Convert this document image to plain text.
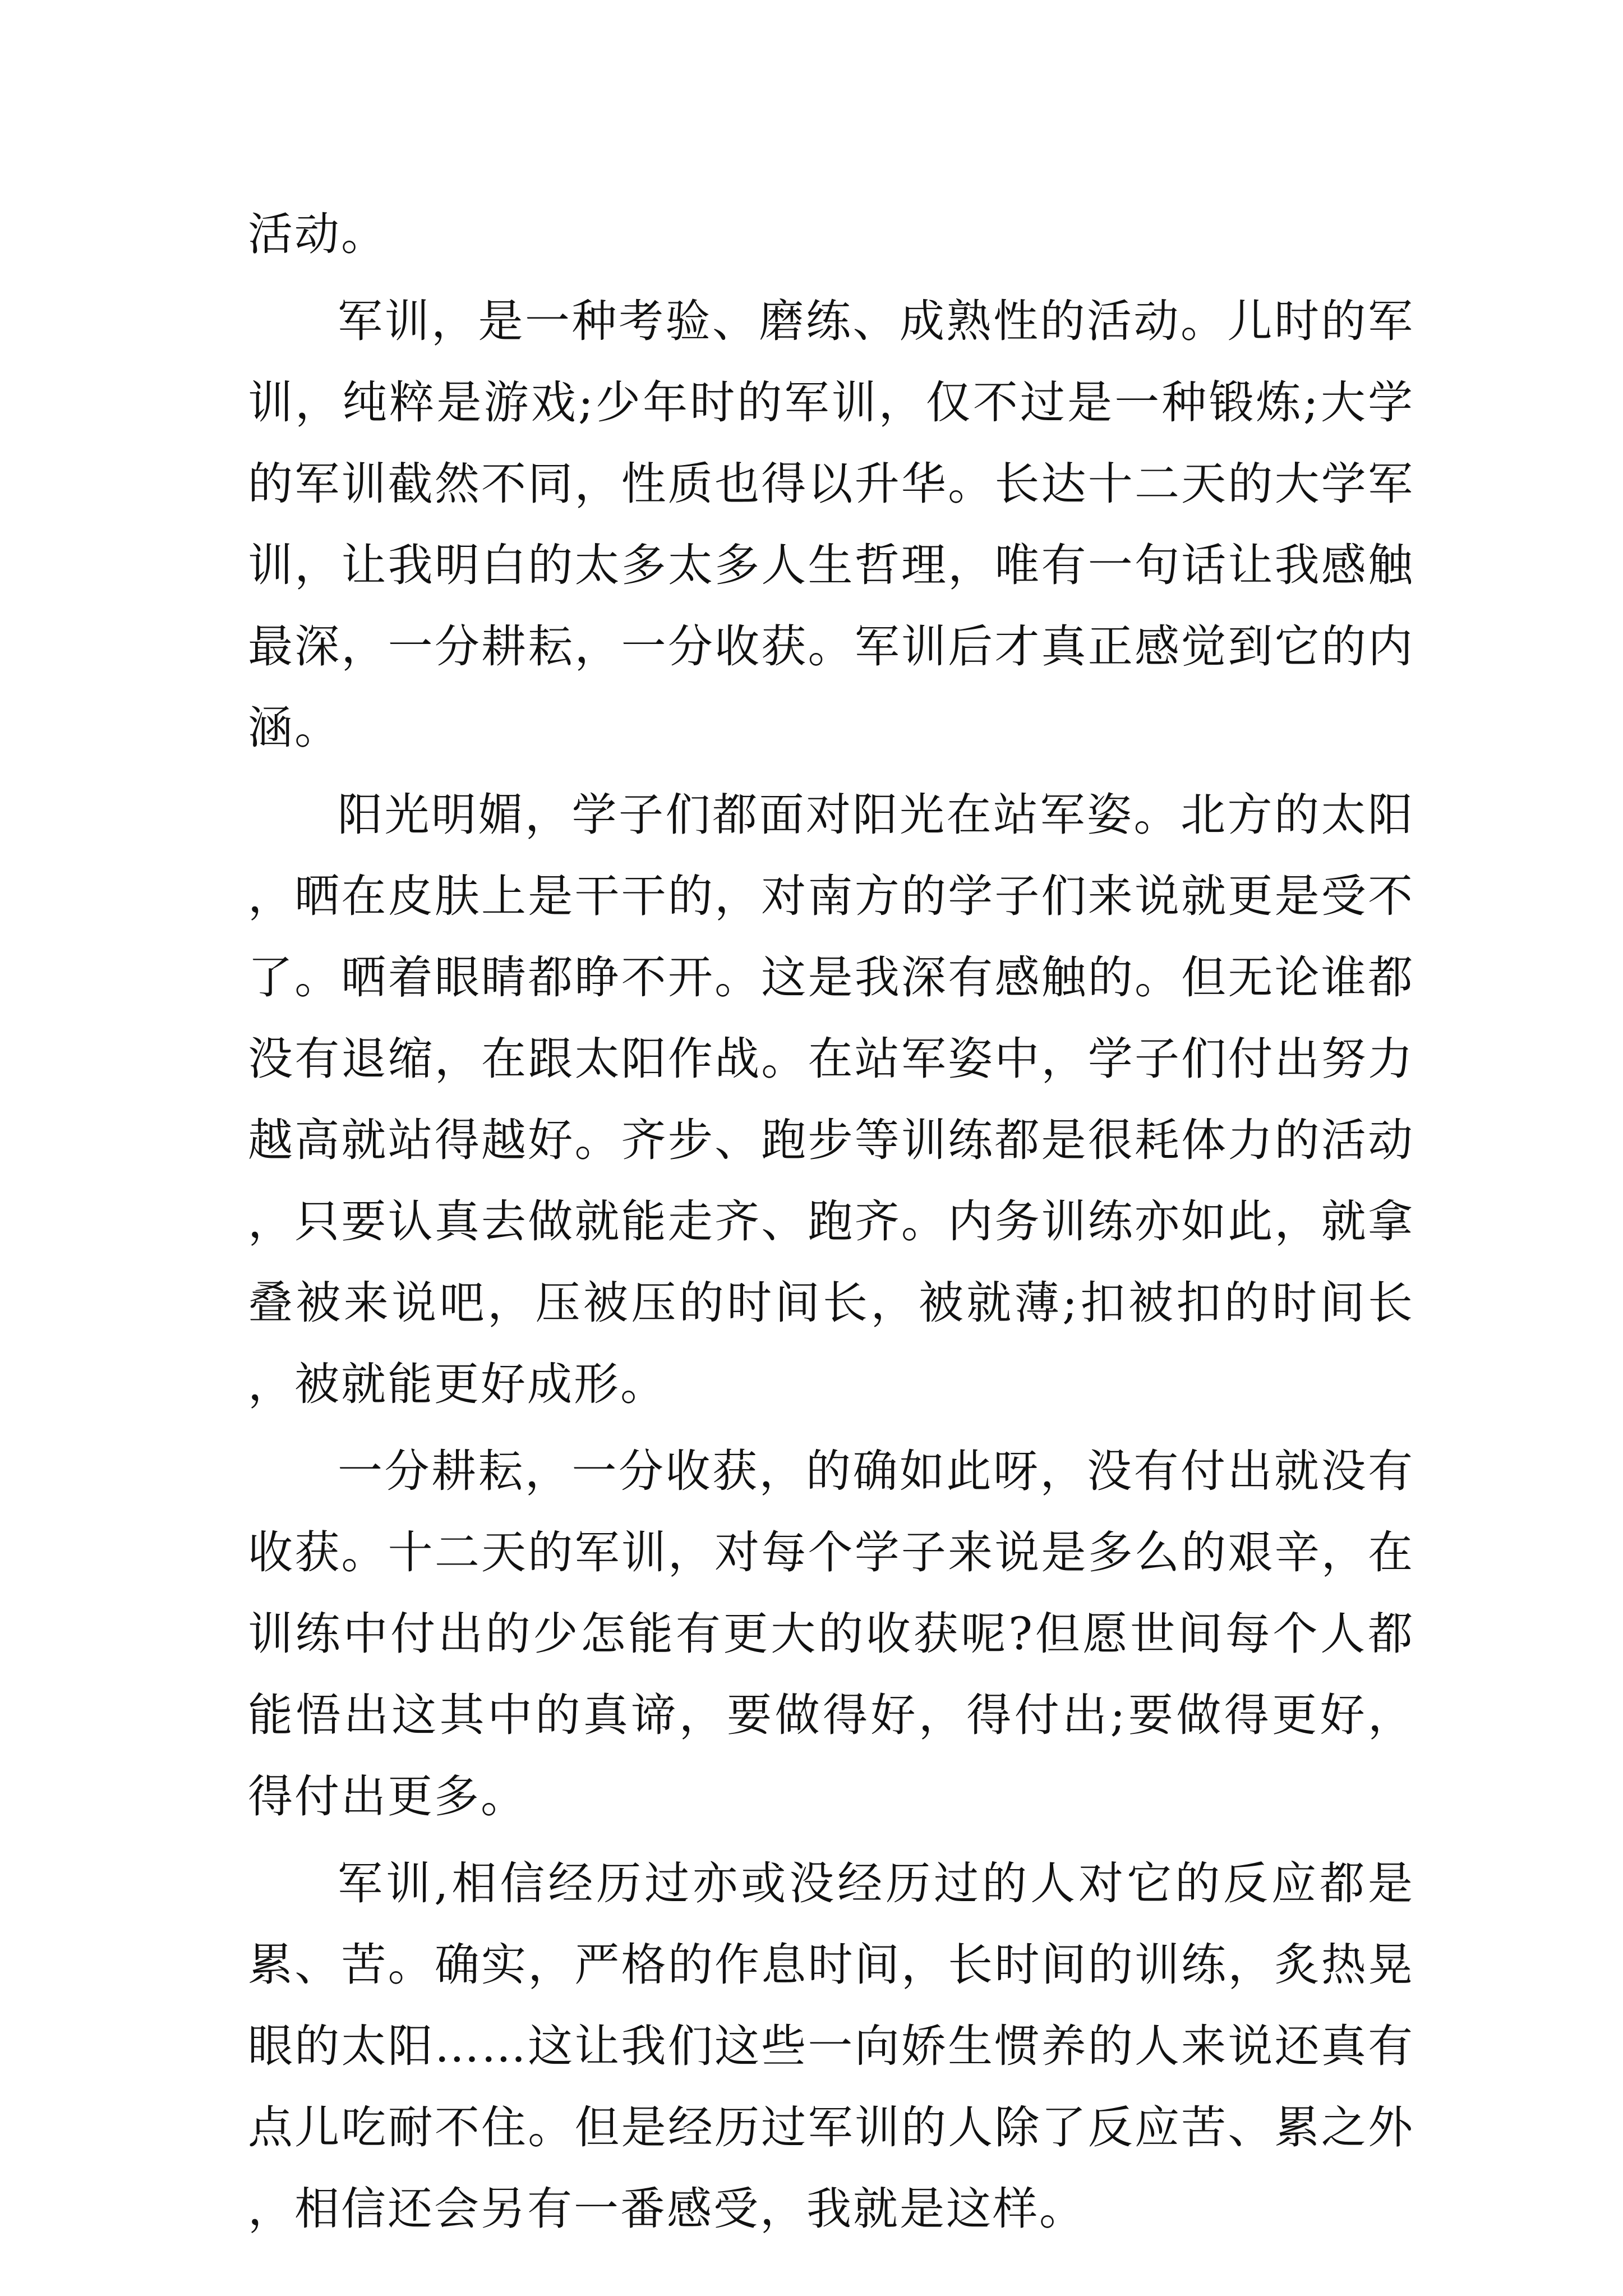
活动。

军训，是一种考验、磨练、成熟性的活动。儿时的军训，纯粹是游戏;少年时的军训，仅不过是一种锻炼;大学的军训截然不同，性质也得以升华。长达十二天的大学军训，让我明白的太多太多人生哲理，唯有一句话让我感触最深，一分耕耘，一分收获。军训后才真正感觉到它的内涵。

阳光明媚，学子们都面对阳光在站军姿。北方的太阳，晒在皮肤上是干干的，对南方的学子们来说就更是受不了。晒着眼睛都睁不开。这是我深有感触的。但无论谁都没有退缩，在跟太阳作战。在站军姿中，学子们付出努力越高就站得越好。齐步、跑步等训练都是很耗体力的活动，只要认真去做就能走齐、跑齐。内务训练亦如此，就拿叠被来说吧，压被压的时间长，被就薄;扣被扣的时间长，被就能更好成形。

一分耕耘，一分收获，的确如此呀，没有付出就没有收获。十二天的军训，对每个学子来说是多么的艰辛，在训练中付出的少怎能有更大的收获呢?但愿世间每个人都能悟出这其中的真谛，要做得好，得付出;要做得更好，得付出更多。

军训,相信经历过亦或没经历过的人对它的反应都是累、苦。确实，严格的作息时间，长时间的训练，炙热晃眼的太阳……这让我们这些一向娇生惯养的人来说还真有点儿吃耐不住。但是经历过军训的人除了反应苦、累之外，相信还会另有一番感受，我就是这样。
